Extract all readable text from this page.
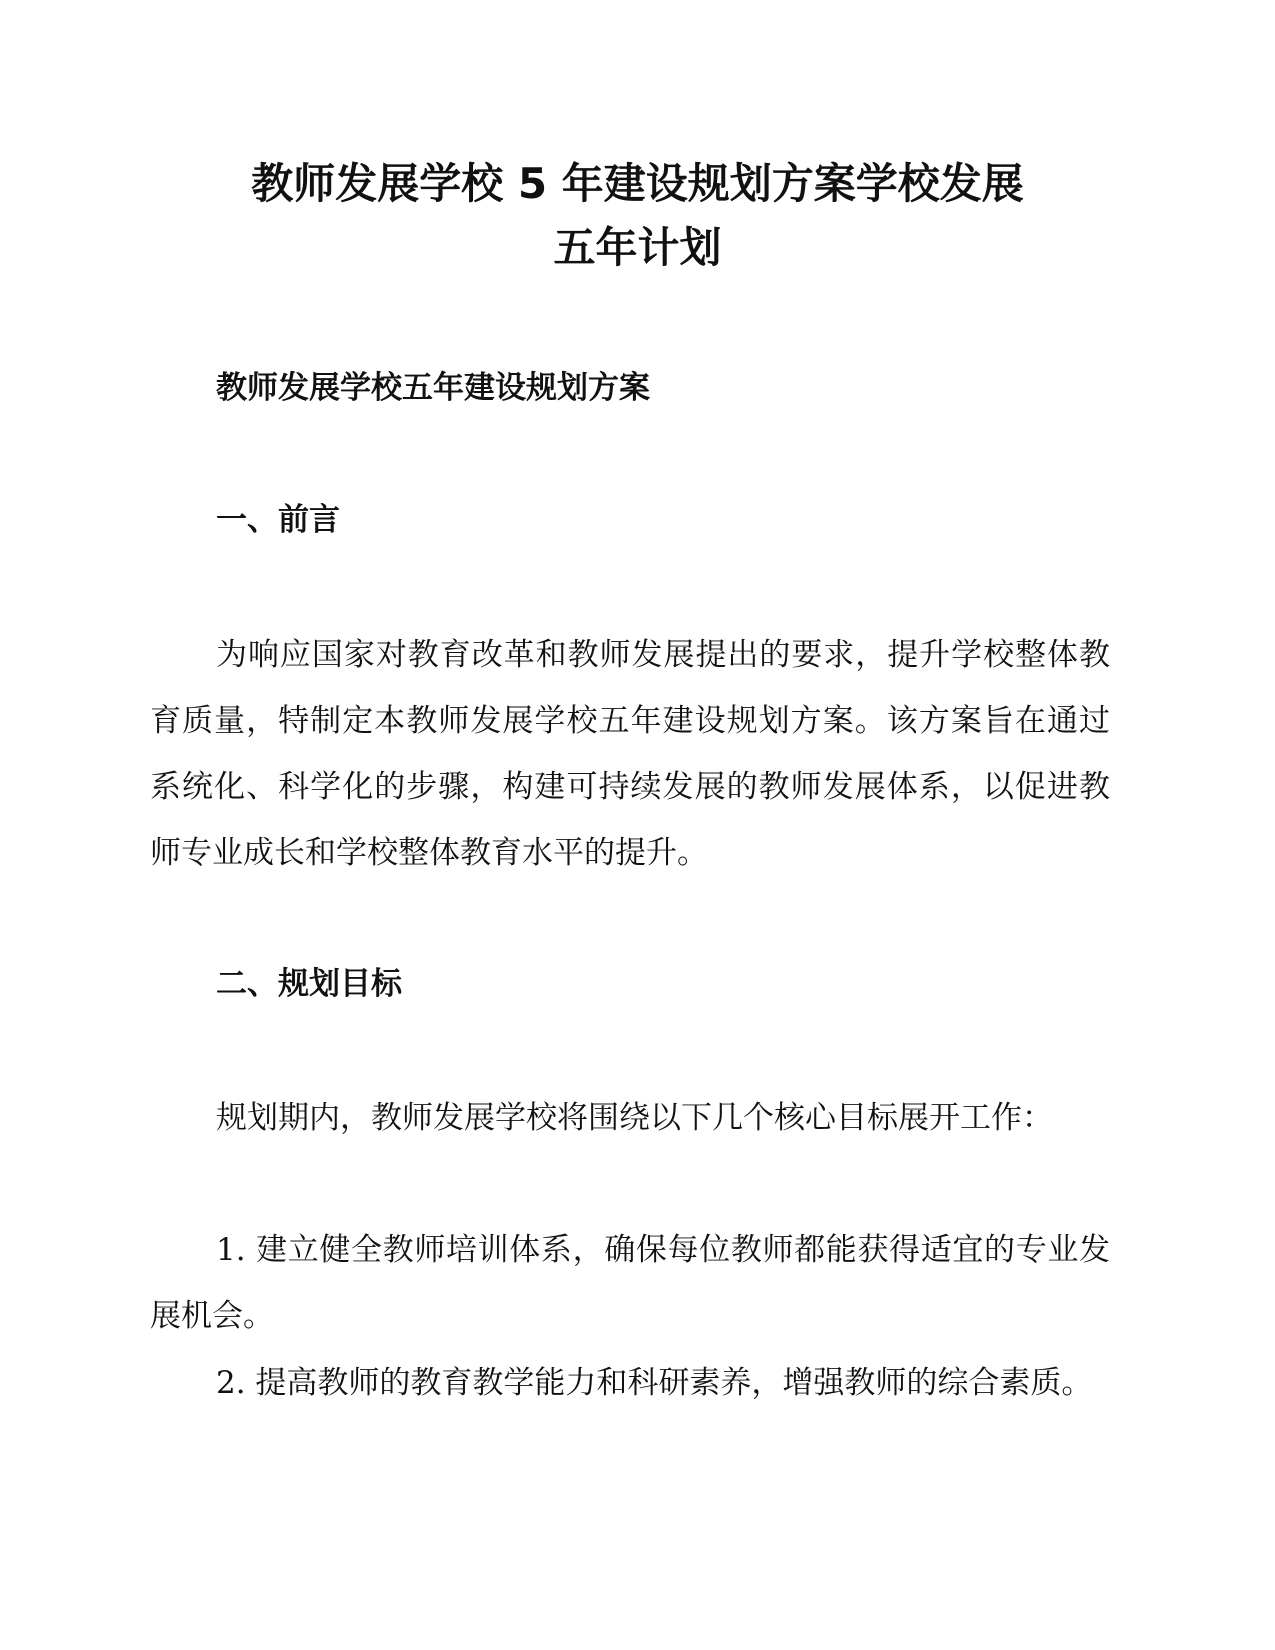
教师发展学校 5 年建设规划方案学校发展
五年计划

教师发展学校五年建设规划方案

一、前言

为响应国家对教育改革和教师发展提出的要求，提升学校整体教育质量，特制定本教师发展学校五年建设规划方案。该方案旨在通过系统化、科学化的步骤，构建可持续发展的教师发展体系，以促进教师专业成长和学校整体教育水平的提升。

二、规划目标

规划期内，教师发展学校将围绕以下几个核心目标展开工作：

1. 建立健全教师培训体系，确保每位教师都能获得适宜的专业发展机会。

2. 提高教师的教育教学能力和科研素养，增强教师的综合素质。
